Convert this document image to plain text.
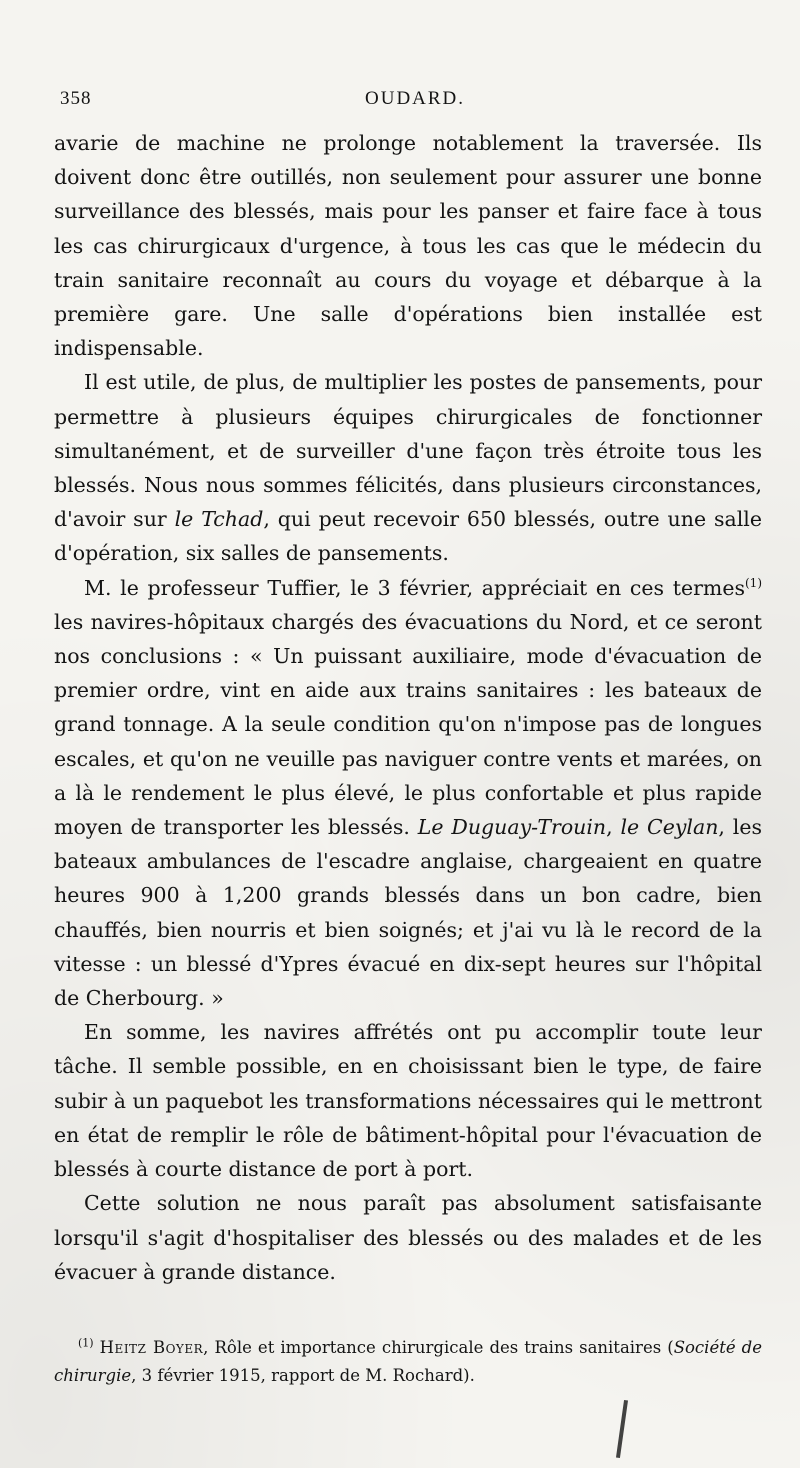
358	OUDARD.

avarie de machine ne prolonge notablement la traversée. Ils doivent donc être outillés, non seulement pour assurer une bonne surveillance des blessés, mais pour les panser et faire face à tous les cas chirurgicaux d'urgence, à tous les cas que le médecin du train sanitaire reconnaît au cours du voyage et débarque à la première gare. Une salle d'opérations bien installée est indispensable.

Il est utile, de plus, de multiplier les postes de pansements, pour permettre à plusieurs équipes chirurgicales de fonctionner simultanément, et de surveiller d'une façon très étroite tous les blessés. Nous nous sommes félicités, dans plusieurs circonstances, d'avoir sur le Tchad, qui peut recevoir 650 blessés, outre une salle d'opération, six salles de pansements.

M. le professeur Tuffier, le 3 février, appréciait en ces termes$^{(1)}$ les navires-hôpitaux chargés des évacuations du Nord, et ce seront nos conclusions : « Un puissant auxiliaire, mode d'évacuation de premier ordre, vint en aide aux trains sanitaires : les bateaux de grand tonnage. A la seule condition qu'on n'impose pas de longues escales, et qu'on ne veuille pas naviguer contre vents et marées, on a là le rendement le plus élevé, le plus confortable et plus rapide moyen de transporter les blessés. Le Duguay-Trouin, le Ceylan, les bateaux ambulances de l'escadre anglaise, chargeaient en quatre heures 900 à 1,200 grands blessés dans un bon cadre, bien chauffés, bien nourris et bien soignés; et j'ai vu là le record de la vitesse : un blessé d'Ypres évacué en dix-sept heures sur l'hôpital de Cherbourg. »

En somme, les navires affrétés ont pu accomplir toute leur tâche. Il semble possible, en en choisissant bien le type, de faire subir à un paquebot les transformations nécessaires qui le mettront en état de remplir le rôle de bâtiment-hôpital pour l'évacuation de blessés à courte distance de port à port.

Cette solution ne nous paraît pas absolument satisfaisante lorsqu'il s'agit d'hospitaliser des blessés ou des malades et de les évacuer à grande distance.

$^{(1)}$ Heitz Boyer, Rôle et importance chirurgicale des trains sanitaires (Société de chirurgie, 3 février 1915, rapport de M. Rochard).
